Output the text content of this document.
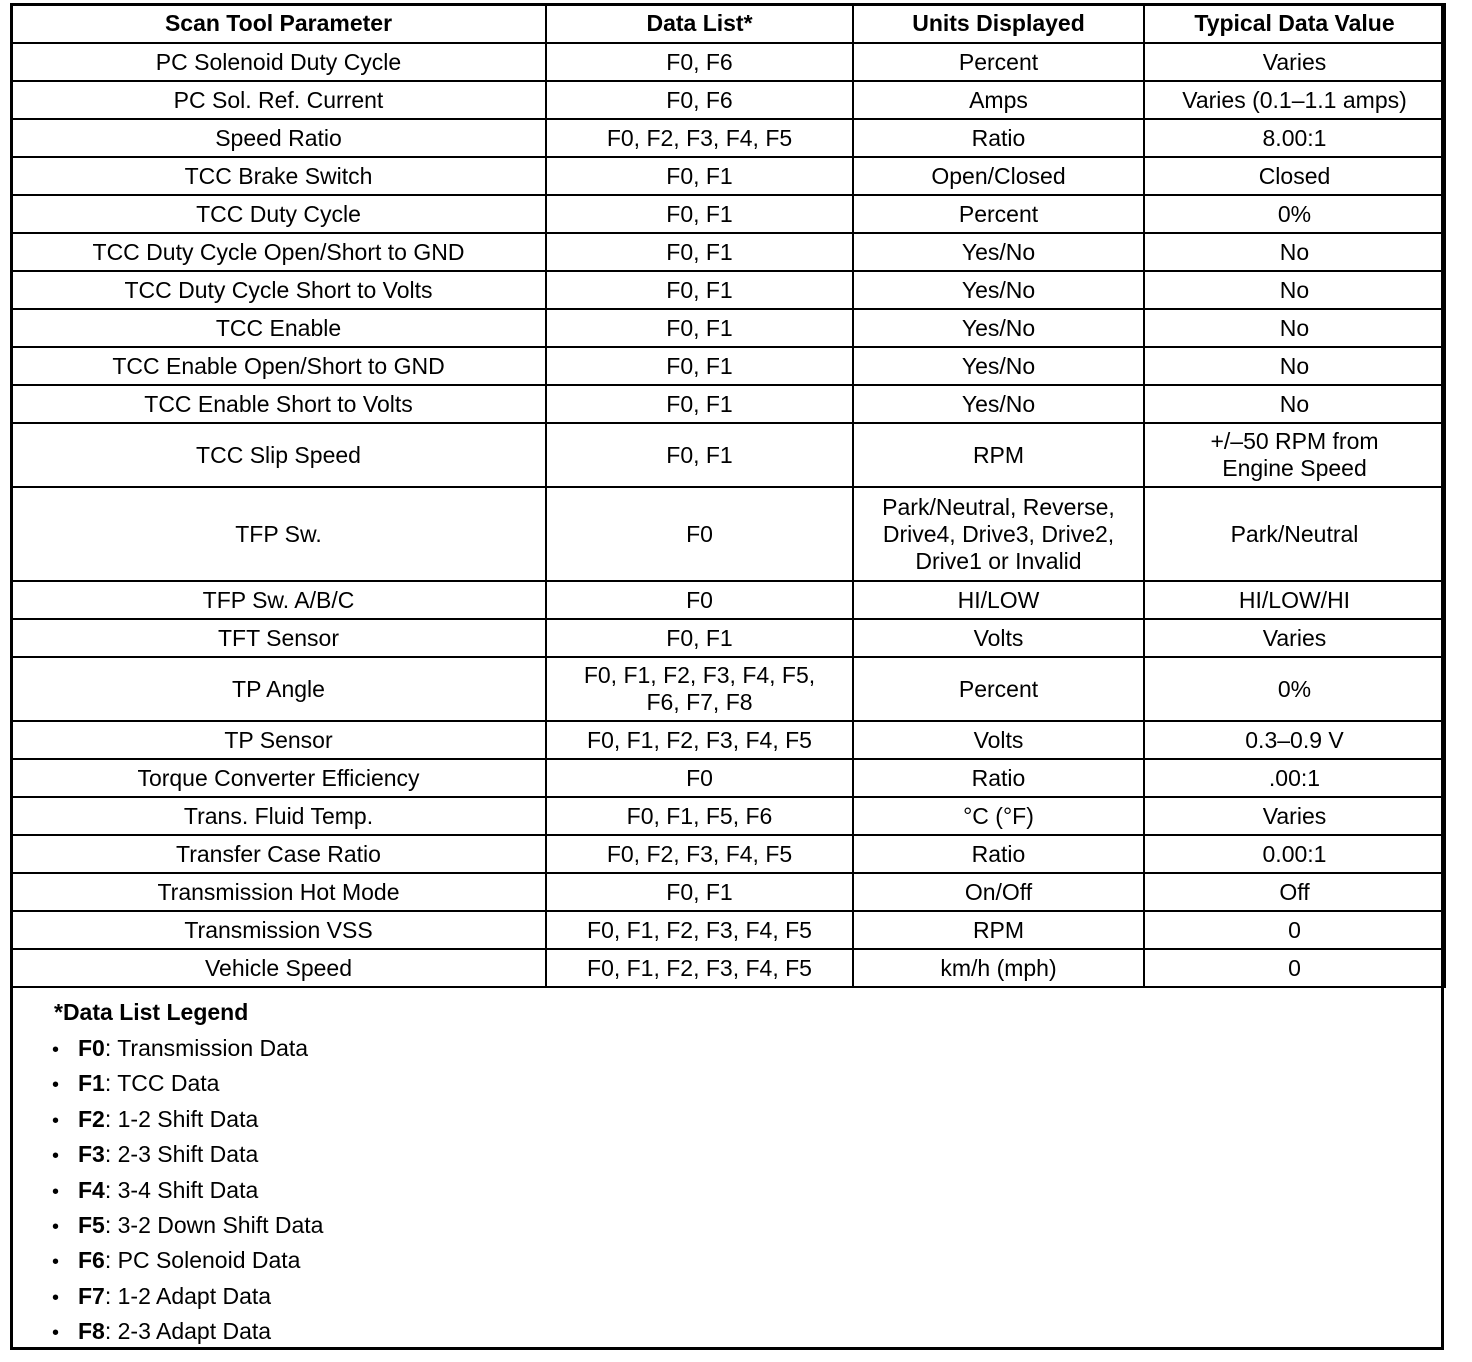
Scan Tool Parameter	Data List*	Units Displayed	Typical Data Value

PC Solenoid Duty Cycle	F0, F6	Percent	Varies

PC Sol. Ref. Current	F0, F6	Amps	Varies (0.1–1.1 amps)

Speed Ratio	F0, F2, F3, F4, F5	Ratio	8.00:1

TCC Brake Switch	F0, F1	Open/Closed	Closed

TCC Duty Cycle	F0, F1	Percent	0%

TCC Duty Cycle Open/Short to GND	F0, F1	Yes/No	No

TCC Duty Cycle Short to Volts	F0, F1	Yes/No	No

TCC Enable	F0, F1	Yes/No	No

TCC Enable Open/Short to GND	F0, F1	Yes/No	No

TCC Enable Short to Volts	F0, F1	Yes/No	No

TCC Slip Speed	F0, F1	RPM	+/–50 RPM from
Engine Speed

TFP Sw.	F0	Park/Neutral, Reverse,
Drive4, Drive3, Drive2,
Drive1 or Invalid	Park/Neutral

TFP Sw. A/B/C	F0	HI/LOW	HI/LOW/HI

TFT Sensor	F0, F1	Volts	Varies

TP Angle	F0, F1, F2, F3, F4, F5,
F6, F7, F8	Percent	0%

TP Sensor	F0, F1, F2, F3, F4, F5	Volts	0.3–0.9 V

Torque Converter Efficiency	F0	Ratio	.00:1

Trans. Fluid Temp.	F0, F1, F5, F6	°C (°F)	Varies

Transfer Case Ratio	F0, F2, F3, F4, F5	Ratio	0.00:1

Transmission Hot Mode	F0, F1	On/Off	Off

Transmission VSS	F0, F1, F2, F3, F4, F5	RPM	0

Vehicle Speed	F0, F1, F2, F3, F4, F5	km/h (mph)	0
*Data List Legend
• F0: Transmission Data
• F1: TCC Data
• F2: 1-2 Shift Data
• F3: 2-3 Shift Data
• F4: 3-4 Shift Data
• F5: 3-2 Down Shift Data
• F6: PC Solenoid Data
• F7: 1-2 Adapt Data
• F8: 2-3 Adapt Data
